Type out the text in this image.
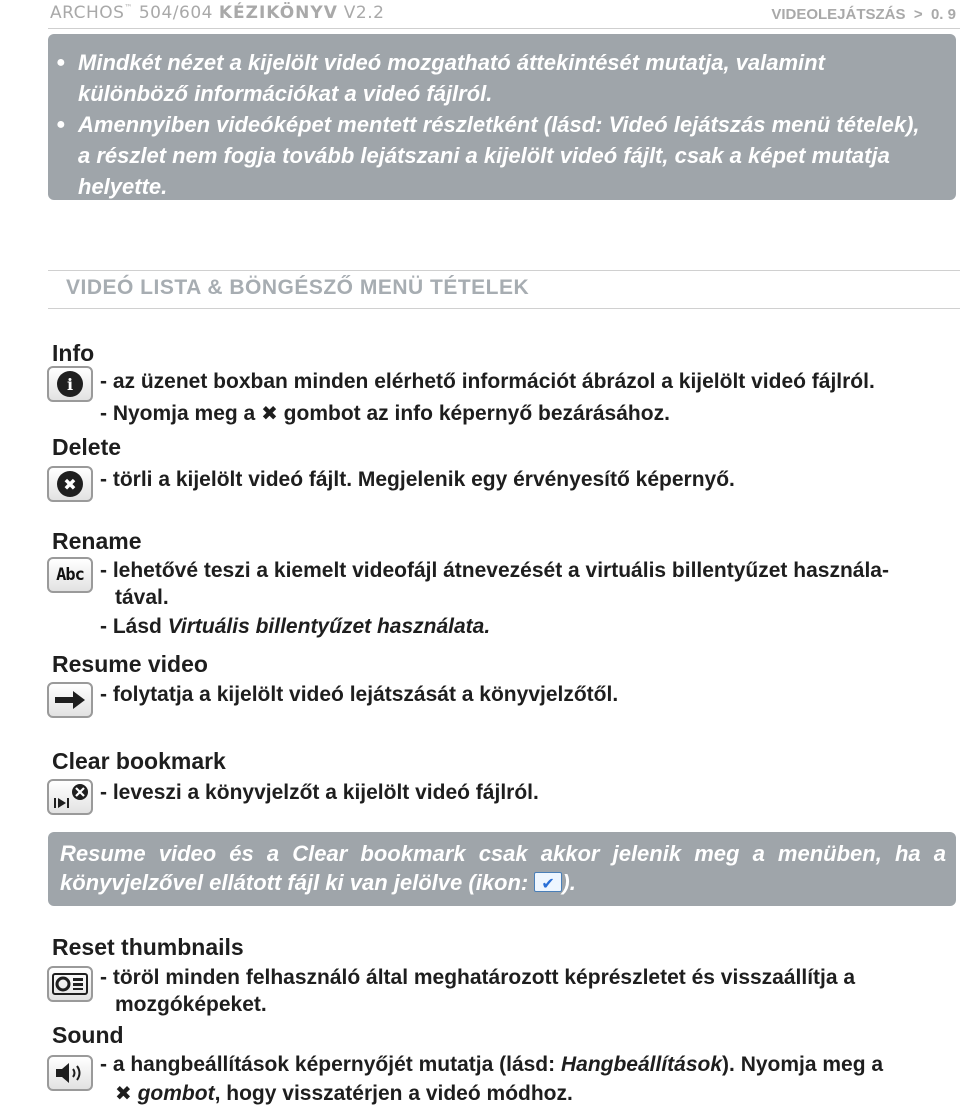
ARCHOS™ 504/604 KÉZIKÖNYV V2.2	VIDEOLEJÁTSZÁS > 0. 9
● Mindkét nézet a kijelölt videó mozgatható áttekintését mutatja, valamint különböző információkat a videó fájlról.
● Amennyiben videóképet mentett részletként (lásd: Videó lejátszás menü tételek), a részlet nem fogja tovább lejátszani a kijelölt videó fájlt, csak a képet mutatja helyette.
VIDEÓ LISTA & BÖNGÉSZŐ MENÜ TÉTELEK
Info
i	- az üzenet boxban minden elérhető információt ábrázol a kijelölt videó fájlról.
- Nyomja meg a ✖ gombot az info képernyő bezárásához.
Delete
✖ - törli a kijelölt videó fájlt. Megjelenik egy érvényesítő képernyő.
Rename
Abc - lehetővé teszi a kiemelt videofájl átnevezését a virtuális billentyűzet használa-
tával.
- Lásd Virtuális billentyűzet használata.
Resume video
- folytatja a kijelölt videó lejátszását a könyvjelzőtől.
Clear bookmark
- leveszi a könyvjelzőt a kijelölt videó fájlról.
Resume video és a Clear bookmark csak akkor jelenik meg a menüben, ha a könyvjelzővel ellátott fájl ki van jelölve (ikon: ✔ ).
Reset thumbnails
- töröl minden felhasználó által meghatározott képrészletet és visszaállítja a
mozgóképeket.
Sound
- a hangbeállítások képernyőjét mutatja (lásd: Hangbeállítások). Nyomja meg a
✖ gombot, hogy visszatérjen a videó módhoz.
